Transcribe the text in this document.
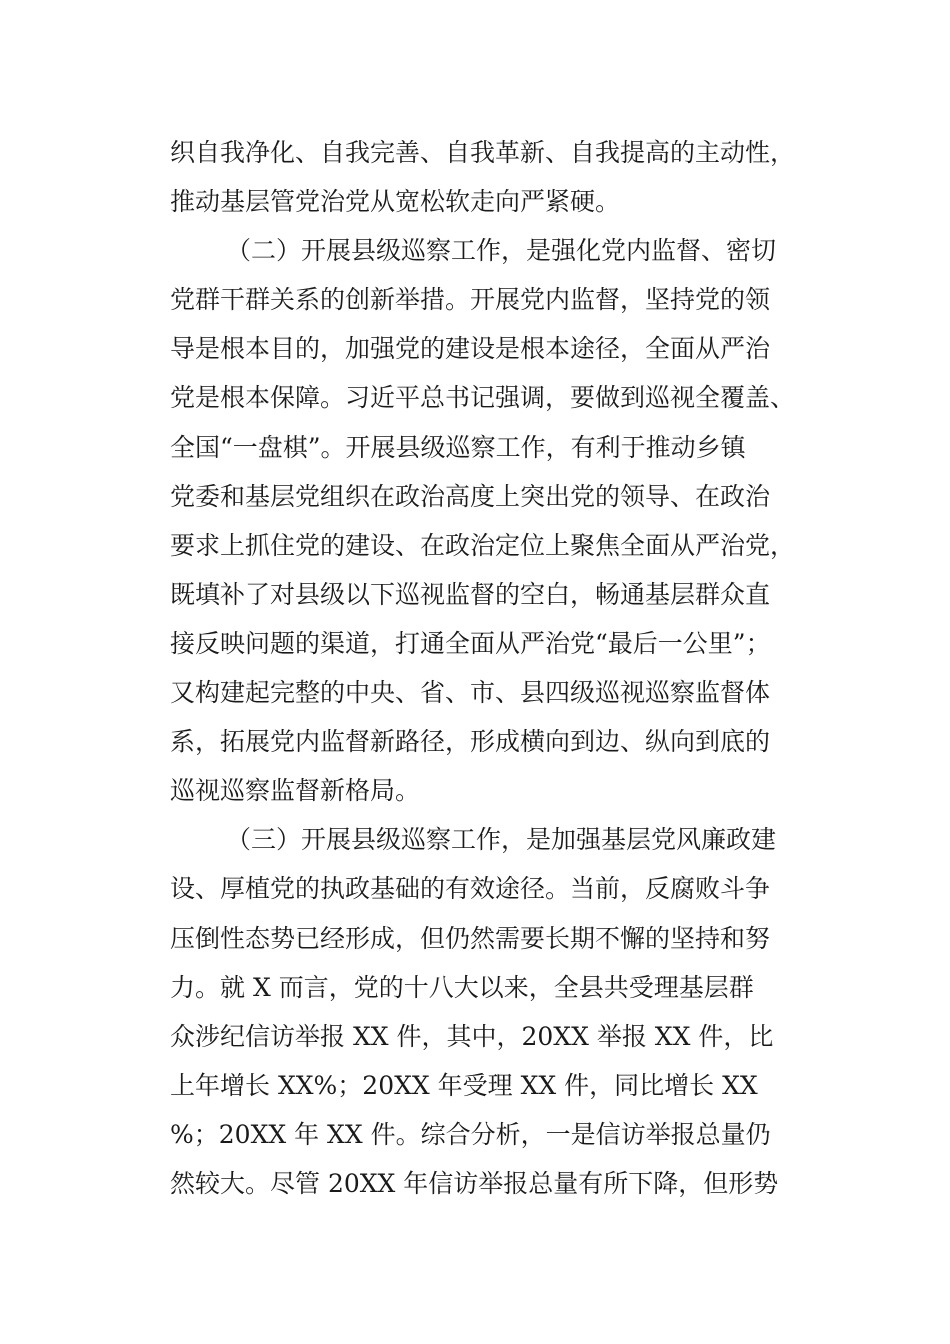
织自我净化、自我完善、自我革新、自我提高的主动性，
推动基层管党治党从宽松软走向严紧硬。
（二）开展县级巡察工作，是强化党内监督、密切
党群干群关系的创新举措。开展党内监督，坚持党的领
导是根本目的，加强党的建设是根本途径，全面从严治
党是根本保障。习近平总书记强调，要做到巡视全覆盖、
全国“一盘棋”。开展县级巡察工作，有利于推动乡镇
党委和基层党组织在政治高度上突出党的领导、在政治
要求上抓住党的建设、在政治定位上聚焦全面从严治党，
既填补了对县级以下巡视监督的空白，畅通基层群众直
接反映问题的渠道，打通全面从严治党“最后一公里”；
又构建起完整的中央、省、市、县四级巡视巡察监督体
系，拓展党内监督新路径，形成横向到边、纵向到底的
巡视巡察监督新格局。
（三）开展县级巡察工作，是加强基层党风廉政建
设、厚植党的执政基础的有效途径。当前，反腐败斗争
压倒性态势已经形成，但仍然需要长期不懈的坚持和努
力。就 X 而言，党的十八大以来，全县共受理基层群
众涉纪信访举报 XX 件，其中，20XX 举报 XX 件，比
上年增长 XX%；20XX 年受理 XX 件，同比增长 XX
%；20XX 年 XX 件。综合分析，一是信访举报总量仍
然较大。尽管 20XX 年信访举报总量有所下降，但形势
